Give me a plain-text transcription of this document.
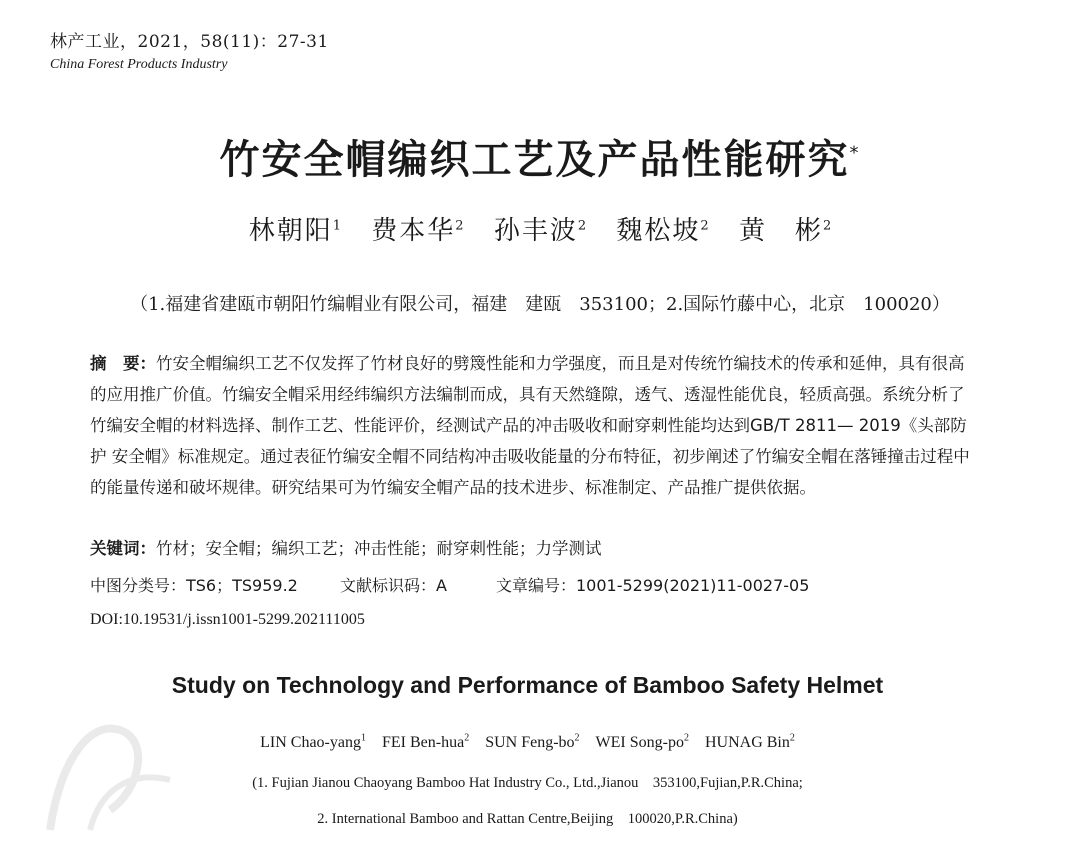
林产工业，2021，58(11)：27-31
China Forest Products Industry
竹安全帽编织工艺及产品性能研究*
林朝阳$^1$ 费本华$^2$ 孙丰波$^2$ 魏松坡$^2$ 黄　彬$^2$
（1.福建省建瓯市朝阳竹编帽业有限公司，福建　建瓯　353100；2.国际竹藤中心，北京　100020）
摘　要：竹安全帽编织工艺不仅发挥了竹材良好的劈篾性能和力学强度，而且是对传统竹编技术的传承和延伸，具有很高的应用推广价值。竹编安全帽采用经纬编织方法编制而成，具有天然缝隙，透气、透湿性能优良，轻质高强。系统分析了竹编安全帽的材料选择、制作工艺、性能评价，经测试产品的冲击吸收和耐穿刺性能均达到GB/T 2811— 2019《头部防护 安全帽》标准规定。通过表征竹编安全帽不同结构冲击吸收能量的分布特征，初步阐述了竹编安全帽在落锤撞击过程中的能量传递和破坏规律。研究结果可为竹编安全帽产品的技术进步、标准制定、产品推广提供依据。
关键词：竹材；安全帽；编织工艺；冲击性能；耐穿刺性能；力学测试
中图分类号：TS6；TS959.2	文献标识码：A	文章编号：1001-5299(2021)11-0027-05
DOI:10.19531/j.issn1001-5299.202111005
Study on Technology and Performance of Bamboo Safety Helmet
LIN Chao-yang$^1$ FEI Ben-hua$^2$ SUN Feng-$bo^2$ WEI Song-$po^2$ HUNAG Bin$^2$
(1. Fujian Jianou Chaoyang Bamboo Hat Industry Co., Ltd.,Jianou　353100,Fujian,P.R.China;
2. International Bamboo and Rattan Centre,Beijing　100020,P.R.China)
